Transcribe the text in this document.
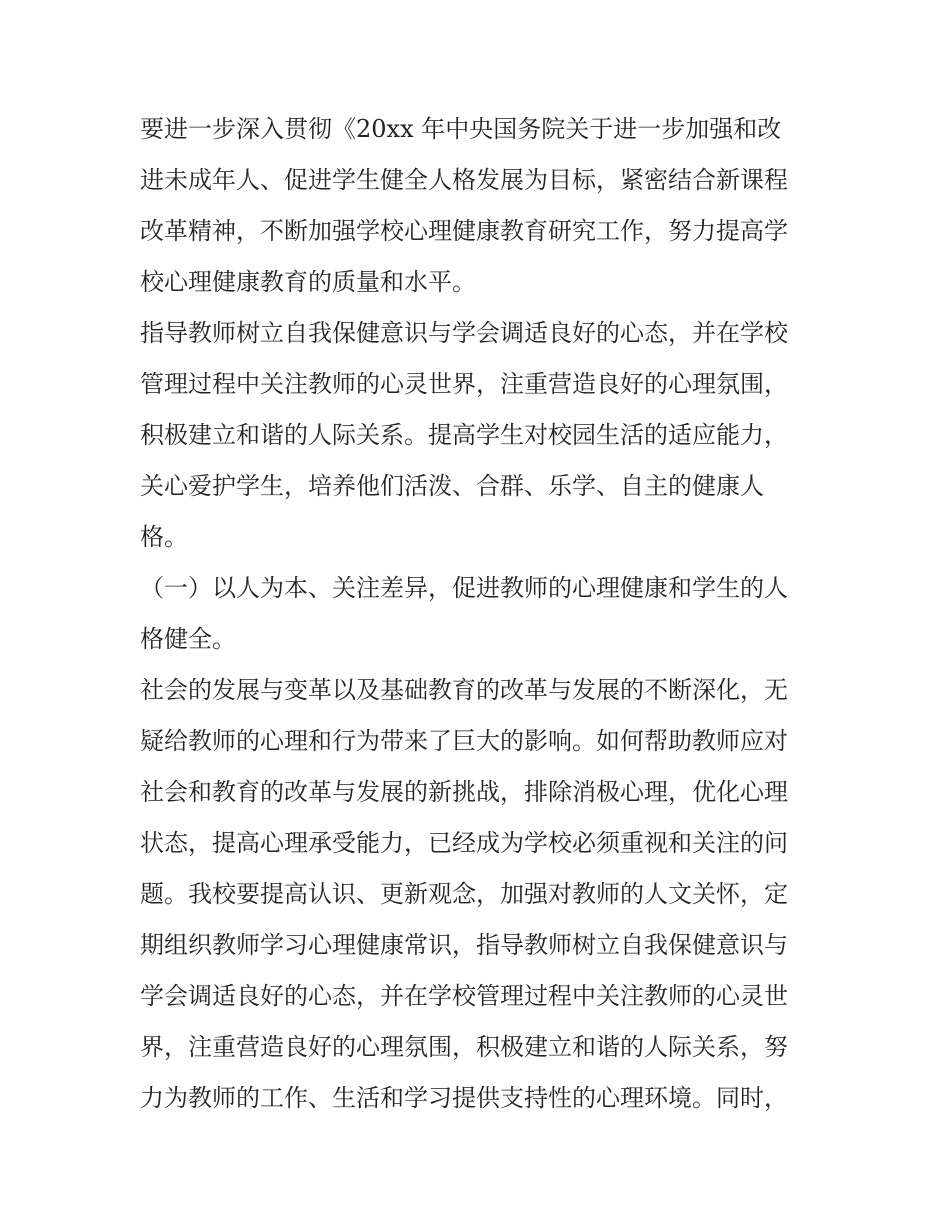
要进一步深入贯彻《20xx 年中央国务院关于进一步加强和改
进未成年人、促进学生健全人格发展为目标，紧密结合新课程
改革精神，不断加强学校心理健康教育研究工作，努力提高学
校心理健康教育的质量和水平。
指导教师树立自我保健意识与学会调适良好的心态，并在学校
管理过程中关注教师的心灵世界，注重营造良好的心理氛围，
积极建立和谐的人际关系。提高学生对校园生活的适应能力，
关心爱护学生，培养他们活泼、合群、乐学、自主的健康人
格。
（一）以人为本、关注差异，促进教师的心理健康和学生的人
格健全。
社会的发展与变革以及基础教育的改革与发展的不断深化，无
疑给教师的心理和行为带来了巨大的影响。如何帮助教师应对
社会和教育的改革与发展的新挑战，排除消极心理，优化心理
状态，提高心理承受能力，已经成为学校必须重视和关注的问
题。我校要提高认识、更新观念，加强对教师的人文关怀，定
期组织教师学习心理健康常识，指导教师树立自我保健意识与
学会调适良好的心态，并在学校管理过程中关注教师的心灵世
界，注重营造良好的心理氛围，积极建立和谐的人际关系，努
力为教师的工作、生活和学习提供支持性的心理环境。同时，
